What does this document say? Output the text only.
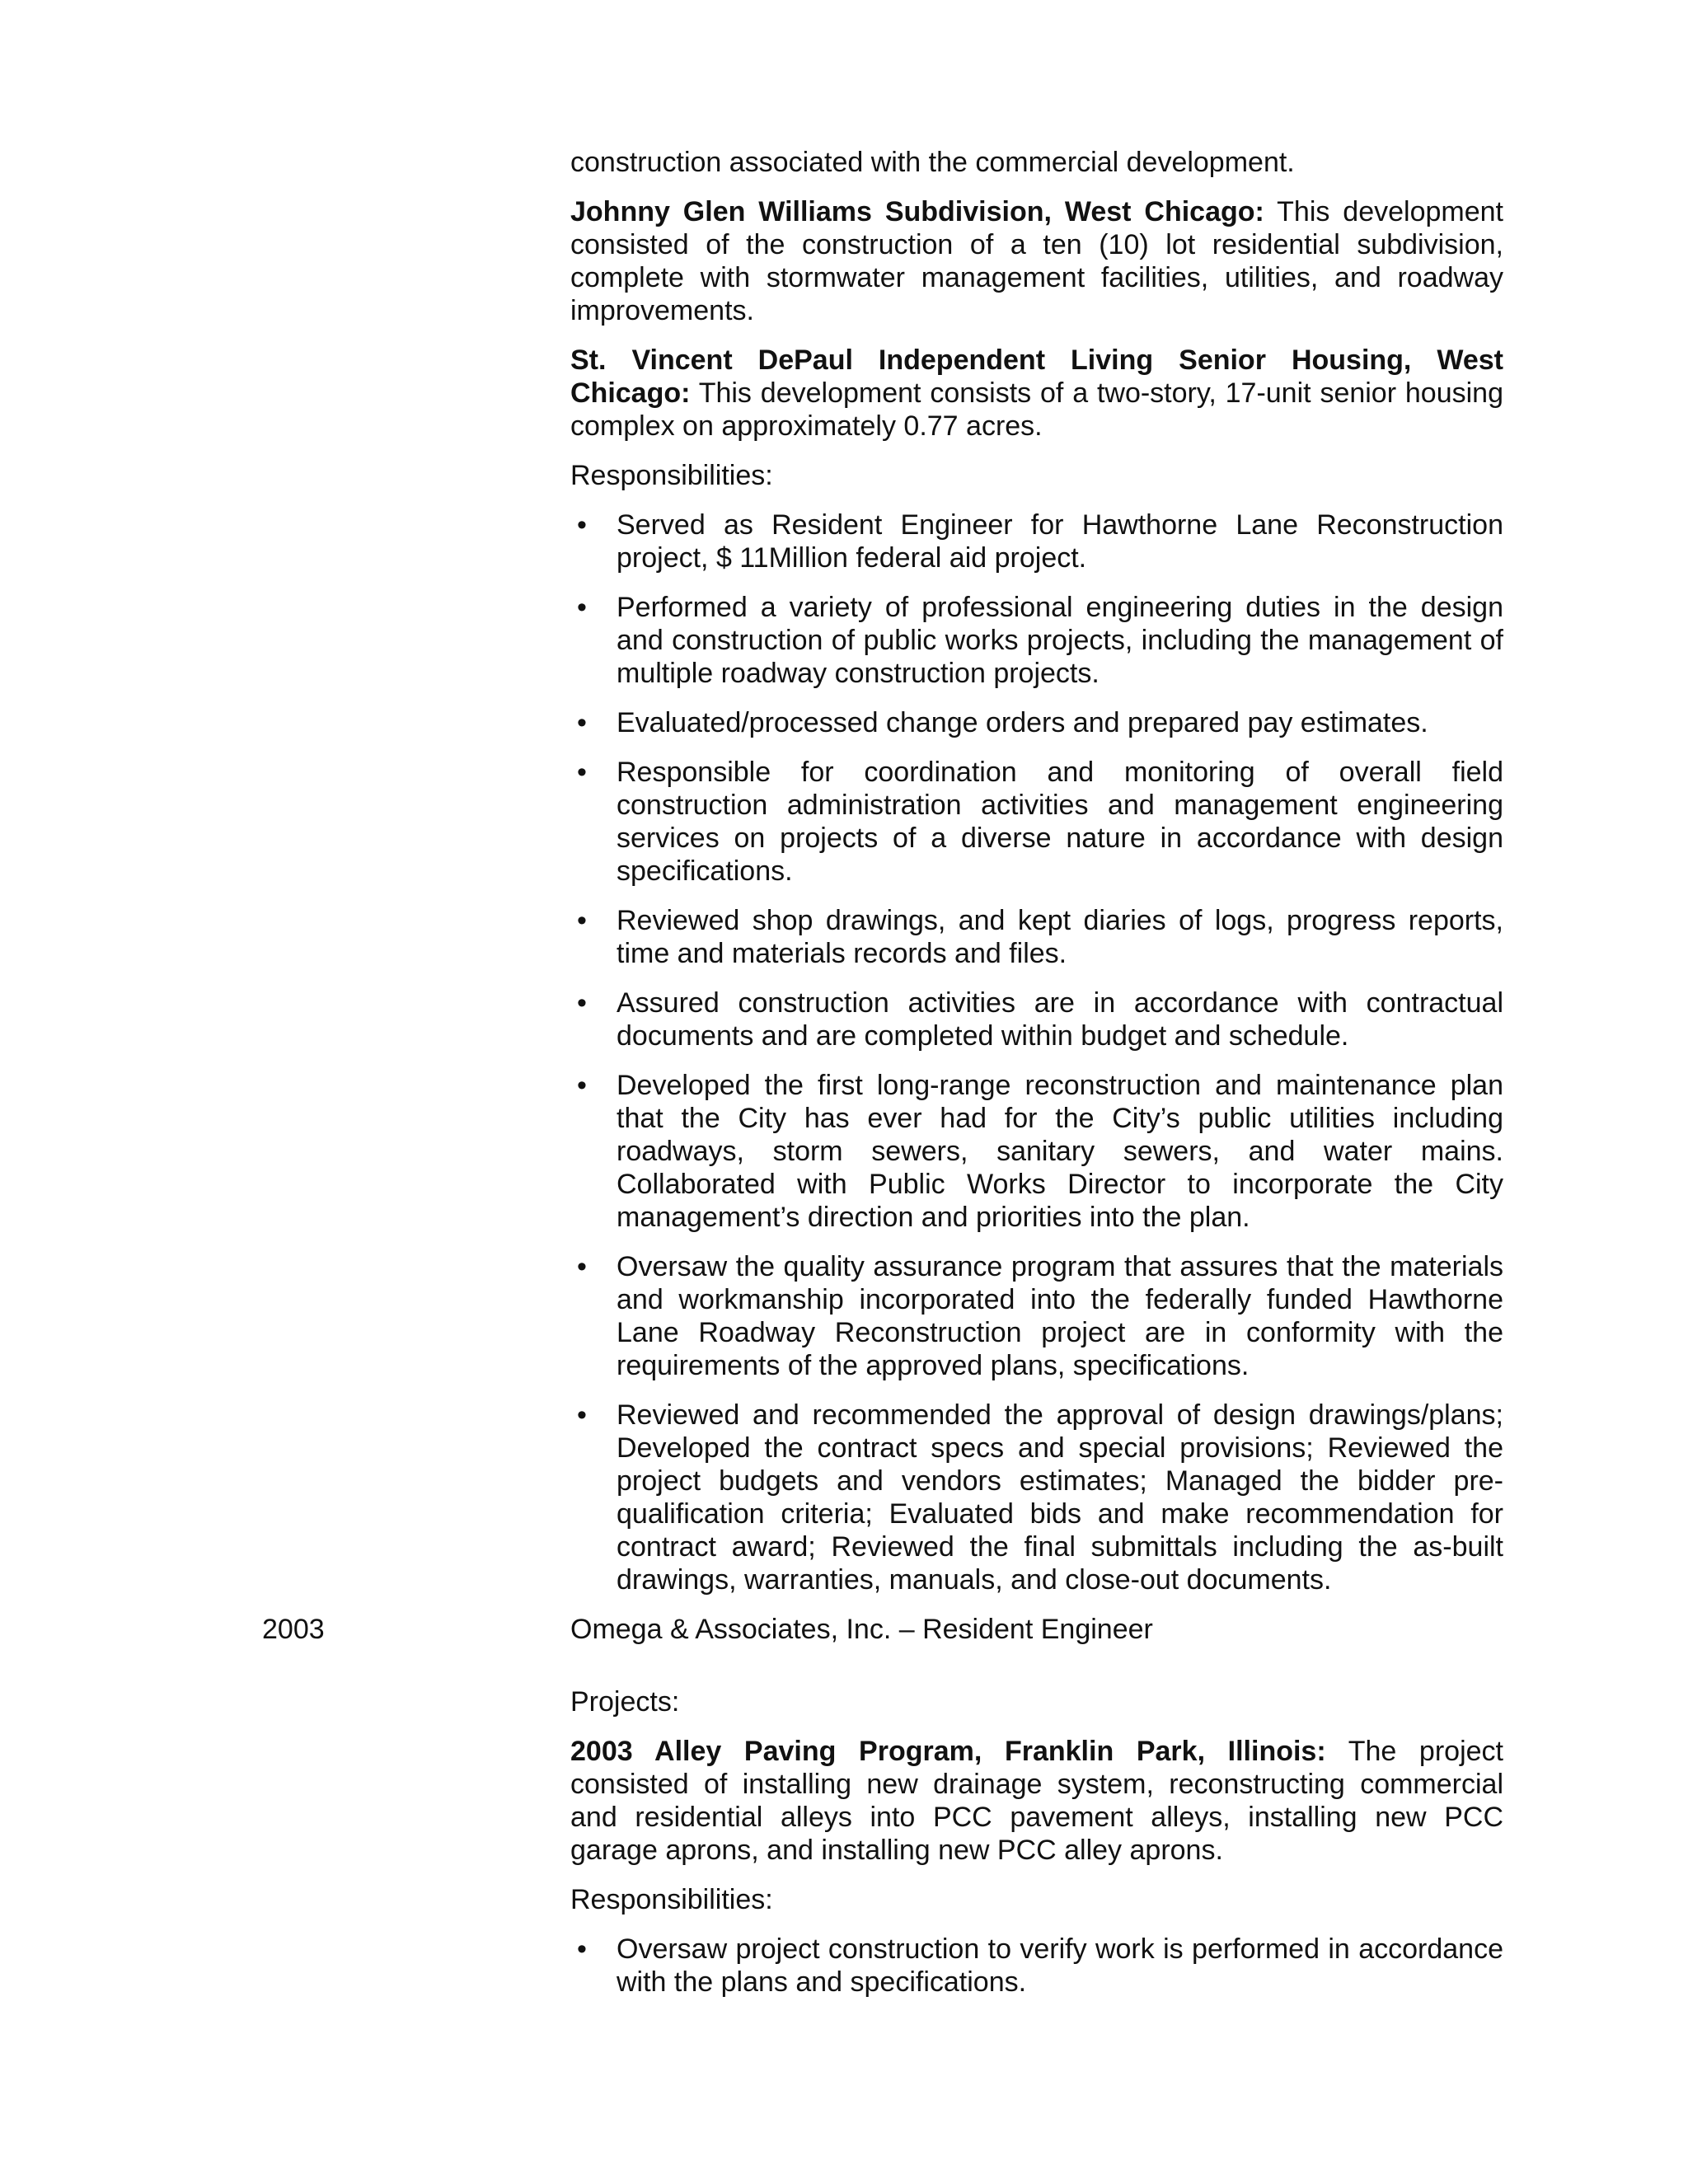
construction associated with the commercial development.

Johnny Glen Williams Subdivision, West Chicago: This development consisted of the construction of a ten (10) lot residential subdivision, complete with stormwater management facilities, utilities, and roadway improvements.

St. Vincent DePaul Independent Living Senior Housing, West Chicago: This development consists of a two-story, 17-unit senior housing complex on approximately 0.77 acres.

Responsibilities:

• Served as Resident Engineer for Hawthorne Lane Reconstruction project, $ 11Million federal aid project.
• Performed a variety of professional engineering duties in the design and construction of public works projects, including the management of multiple roadway construction projects.
• Evaluated/processed change orders and prepared pay estimates.
• Responsible for coordination and monitoring of overall field construction administration activities and management engineering services on projects of a diverse nature in accordance with design specifications.
• Reviewed shop drawings, and kept diaries of logs, progress reports, time and materials records and files.
• Assured construction activities are in accordance with contractual documents and are completed within budget and schedule.
• Developed the first long-range reconstruction and maintenance plan that the City has ever had for the City’s public utilities including roadways, storm sewers, sanitary sewers, and water mains. Collaborated with Public Works Director to incorporate the City management’s direction and priorities into the plan.
• Oversaw the quality assurance program that assures that the materials and workmanship incorporated into the federally funded Hawthorne Lane Roadway Reconstruction project are in conformity with the requirements of the approved plans, specifications.
• Reviewed and recommended the approval of design drawings/plans; Developed the contract specs and special provisions; Reviewed the project budgets and vendors estimates; Managed the bidder pre-qualification criteria; Evaluated bids and make recommendation for contract award; Reviewed the final submittals including the as-built drawings, warranties, manuals, and close-out documents.
2003	Omega & Associates, Inc. – Resident Engineer

Projects:

2003 Alley Paving Program, Franklin Park, Illinois: The project consisted of installing new drainage system, reconstructing commercial and residential alleys into PCC pavement alleys, installing new PCC garage aprons, and installing new PCC alley aprons.

Responsibilities:

• Oversaw project construction to verify work is performed in accordance with the plans and specifications.
